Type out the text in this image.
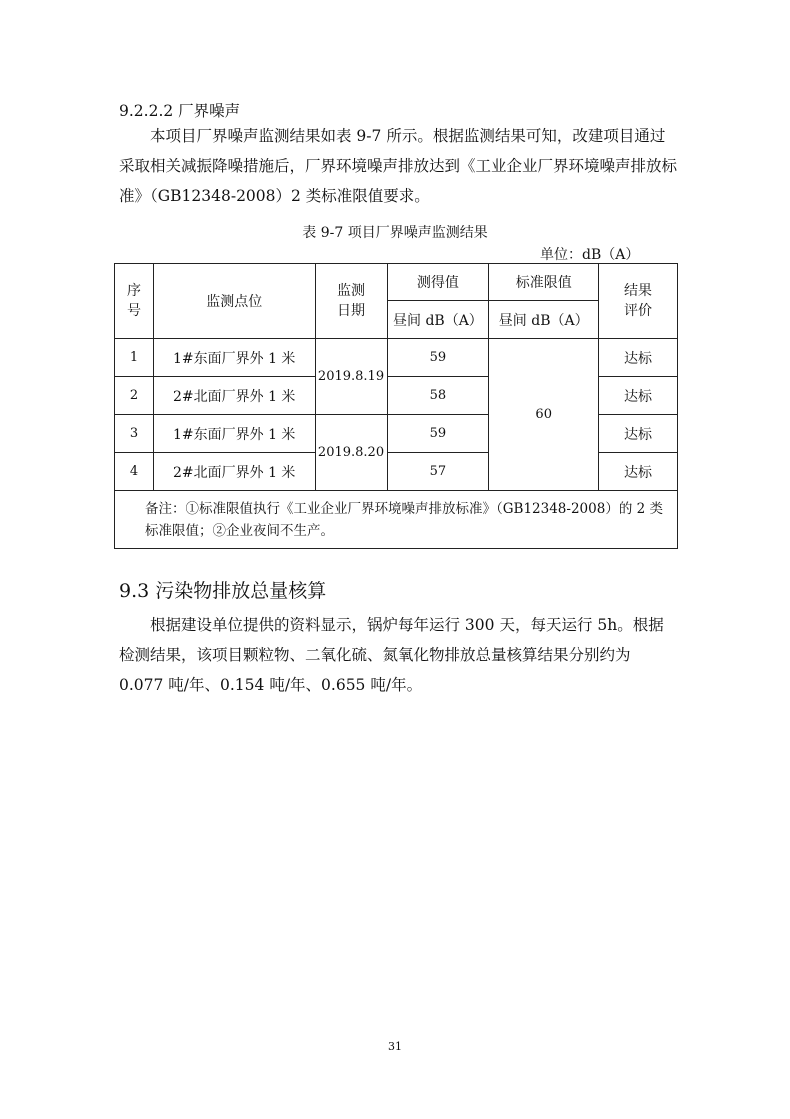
9.2.2.2 厂界噪声

本项目厂界噪声监测结果如表 9-7 所示。根据监测结果可知，改建项目通过采取相关减振降噪措施后，厂界环境噪声排放达到《工业企业厂界环境噪声排放标准》（GB12348-2008）2 类标准限值要求。

表 9-7 项目厂界噪声监测结果
单位：dB（A）
序号	监测点位	监测日期	测得值	标准限值	结果评价

			昼间 dB（A）	昼间 dB（A）	
1	1#东面厂界外 1 米	2019.8.19	59	60	达标
2	2#北面厂界外 1 米		58		达标
3	1#东面厂界外 1 米	2019.8.20	59		达标
4	2#北面厂界外 1 米		57		达标
备注：①标准限值执行《工业企业厂界环境噪声排放标准》（GB12348-2008）的 2 类标准限值；②企业夜间不生产。					
9.3 污染物排放总量核算

根据建设单位提供的资料显示，锅炉每年运行 300 天，每天运行 5h。根据检测结果，该项目颗粒物、二氧化硫、氮氧化物排放总量核算结果分别约为 0.077 吨/年、0.154 吨/年、0.655 吨/年。

31
